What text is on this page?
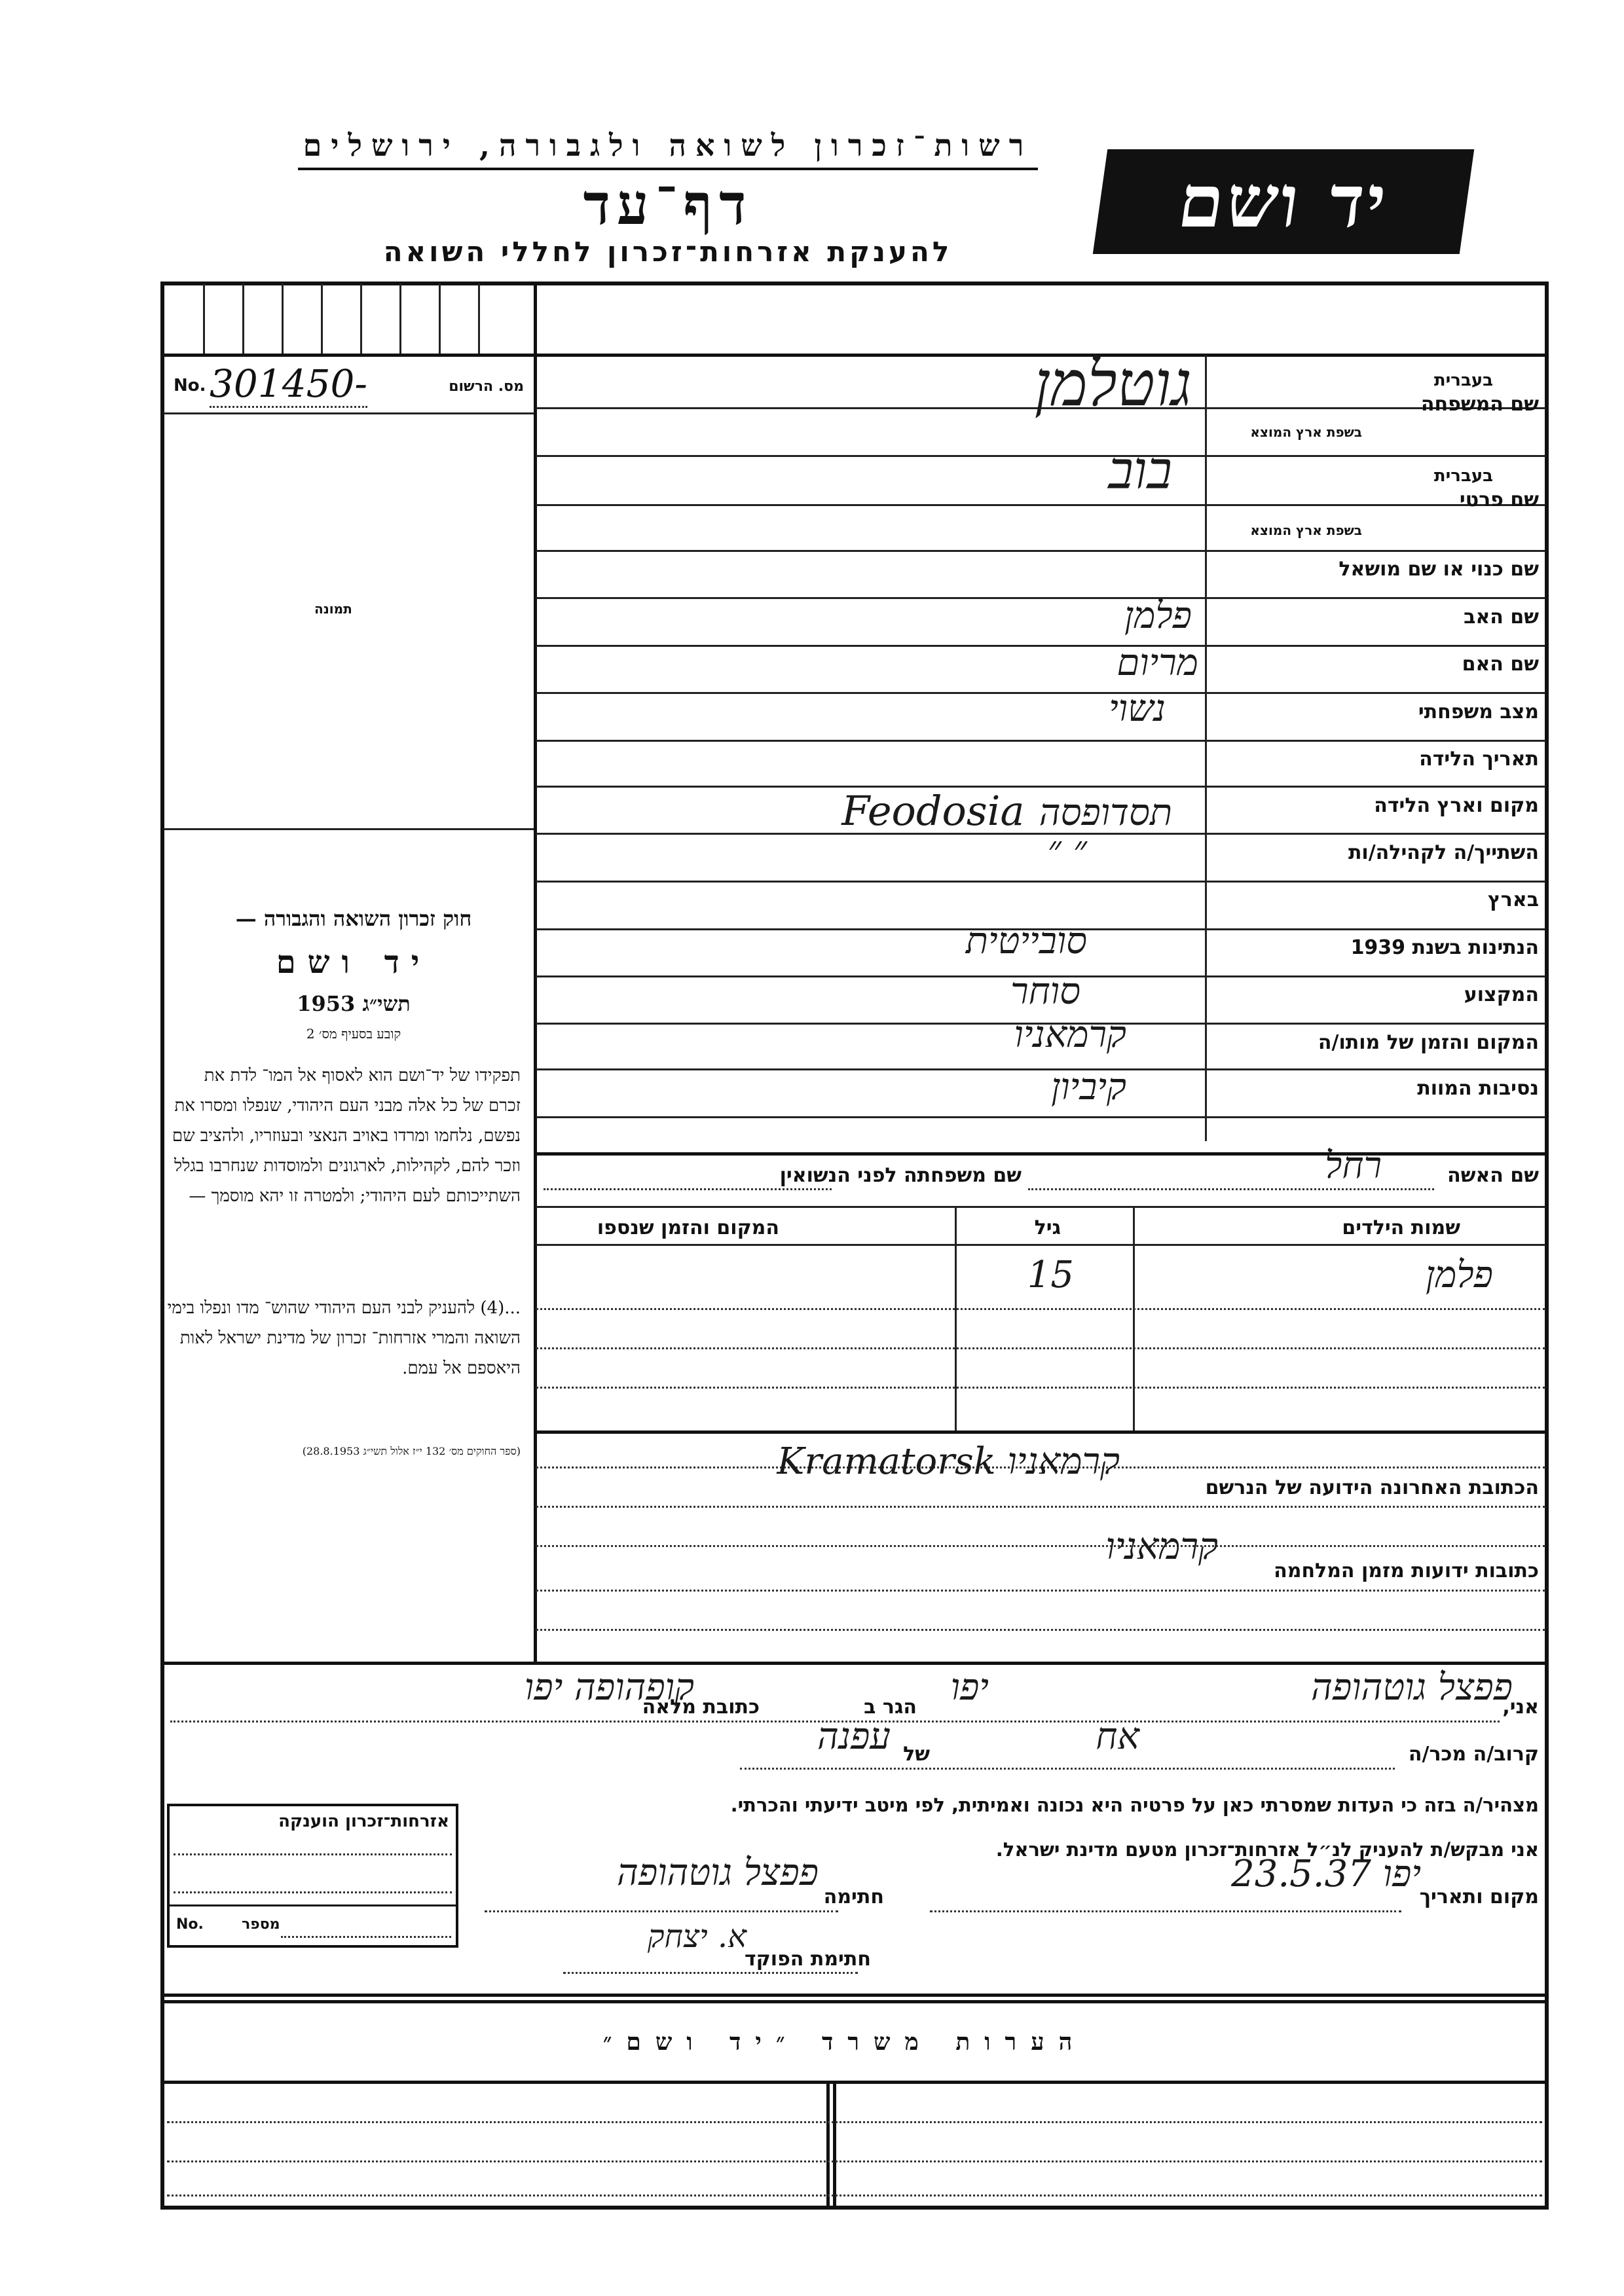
רשות־זכרון לשואה ולגבורה, ירושלים
דף־עד
להענקת אזרחות־זכרון לחללי השואה
יד ושם
No. 301450-	מס. הרשום
תמונה
חוק זכרון השואה והגבורה —
יד ושם
תשי״ג 1953
קובע בסעיף מס׳ 2
תפקידו של יד־ושם הוא לאסוף אל המו־ לדת את זכרם של כל אלה מבני העם היהודי, שנפלו ומסרו את נפשם, נלחמו ומרדו באויב הנאצי ובעוזריו, ולהציב שם וזכר להם, לקהילות, לארגונים ולמוסדות שנחרבו בגלל השתייכותם לעם היהודי; ולמטרה זו יהא מוסמך —
...(4) להעניק לבני העם היהודי שהוש־ מדו ונפלו בימי השואה והמרי אזרחות־ זכרון של מדינת ישראל לאות היאספם אל עמם.
(ספר החוקים מס׳ 132 י״ז אלול תשי״ג 28.8.1953)
בעברית
שם המשפחה
בשפת ארץ המוצא
בעברית
שם פרטי
בשפת ארץ המוצא
שם כנוי או שם מושאל
שם האב
שם האם
מצב משפחתי
תאריך הלידה
מקום וארץ הלידה
השתייך/ה לקהילה/ות
בארץ
הנתינות בשנת 1939
המקצוע
המקום והזמן של מותו/ה
נסיבות המוות
גוטלמן
בוב
פלמן
מריום
נשוי
Feodosia תסדופסה
״ ״
סובייטית
סוחר
קרמאניו
קיביון
שם האשה
רחל
שם משפחתה לפני הנשואין
שמות הילדים
גיל
המקום והזמן שנספו
פלמן
15
הכתובת האחרונה הידועה של הנרשם
קרמאניו Kramatorsk
כתובות ידועות מזמן המלחמה
קרמאניו
אני,
פפצל גוטהופה
הגר ב יפו
כתובת מלאה
קופהופה יפו
קרוב/ה מכר/ה
אח
של
עפנה
מצהיר/ה בזה כי העדות שמסרתי כאן על פרטיה היא נכונה ואמיתית, לפי מיטב ידיעתי והכרתי.
אני מבקש/ת להעניק לנ״ל אזרחות־זכרון מטעם מדינת ישראל.
מקום ותאריך
יפו 23.5.37
חתימה
פפצל גוטהופה
חתימת הפוקד
א. יצחק
אזרחות־זכרון הוענקה
No.	מספר
הערות משרד ״יד ושם״
